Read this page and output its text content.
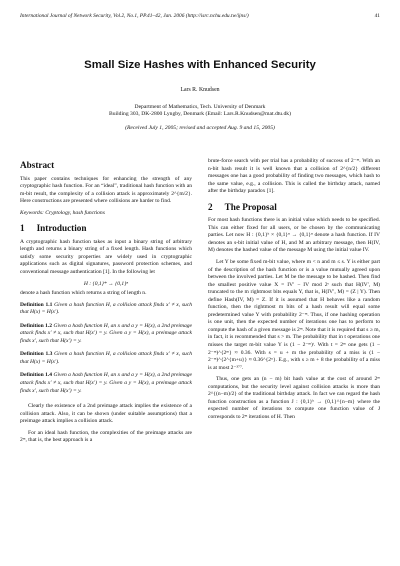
International Journal of Network Security, Vol.2, No.1, PP.41–42, Jan. 2006 (http://isrc.nchu.edu.tw/ijns/)	41
Small Size Hashes with Enhanced Security
Lars R. Knudsen
Department of Mathematics, Tech. University of Denmark
Building 303, DK-2800 Lyngby, Denmark (Email: Lars.R.Knudsen@mat.dtu.dk)
(Received July 1, 2005; revised and accepted Aug. 9 and 15, 2005)
Abstract

This paper contains techniques for enhancing the strength of any cryptographic hash function. For an “ideal”, traditional hash function with an m-bit result, the complexity of a collision attack is approximately 2^{m/2}. Here constructions are presented where collisions are harder to find.

Keywords: Cryptology, hash functions

1 Introduction

A cryptographic hash function takes as input a binary string of arbitrary length and returns a binary string of a fixed length. Hash functions which satisfy some security properties are widely used in cryptographic applications such as digital signatures, password protection schemes, and conventional message authentication [1]. In the following let

H : {0,1}* → {0,1}ⁿ

denote a hash function which returns a string of length n.

Definition 1.1 Given a hash function H, a collision attack finds x′ ≠ x, such that H(x) = H(x′).
Definition 1.2 Given a hash function H, an x and a y = H(x), a 2nd preimage attack finds x′ ≠ x, such that H(x′) = y. Given a y = H(x), a preimage attack finds x′, such that H(x′) = y.
Definition 1.3 Given a hash function H, a collision attack finds x′ ≠ x, such that H(x) = H(x′).
Definition 1.4 Given a hash function H, an x and a y = H(x), a 2nd preimage attack finds x′ ≠ x, such that H(x′) = y. Given a y = H(x), a preimage attack finds x′, such that H(x′) = y.

Clearly the existence of a 2nd preimage attack implies the existence of a collision attack. Also, it can be shown (under suitable assumptions) that a preimage attack implies a collision attack.

For an ideal hash function, the complexities of the preimage attacks are 2ᵐ, that is, the best approach is a

brute-force search with per trial has a probability of success of 2⁻ᵐ. With an n-bit hash result it is well known that a collision of 2^{n/2} different messages one has a good probability of finding two messages, which hash to the same value, e.g., a collision. This is called the birthday attack, named after the birthday paradox [1].

2 The Proposal

For most hash functions there is an initial value which needs to be specified. This can either fixed for all users, or be chosen by the communicating parties. Let now H : {0,1}ᵏ × {0,1}ⁿ → {0,1}ⁿ denote a hash function. If IV denotes an s-bit initial value of H, and M an arbitrary message, then H(IV, M) denotes the hashed value of the message M using the initial value IV.

Let Y be some fixed m-bit value, where m < n and m ≤ s. Y is either part of the description of the hash function or is a value mutually agreed upon between the involved parties. Let M be the message to be hashed. Then find the smallest positive value X = IV′ − IV mod 2ˢ such that H(IV′, M) truncated to the m rightmost bits equals Y, that is, H(IV′, M) = (Z | Y). Then define Hash(IV, M) = Z. If it is assumed that H behaves like a random function, then the rightmost m bits of a hash result will equal some predetermined value Y with probability 2⁻ᵐ. Thus, if one hashing operation is one unit, then the expected number of iterations one has to perform to compute the hash of a given message is 2ᵐ. Note that it is required that s ≥ m, in fact, it is recommended that s > m. The probability that in t operations one misses the target m-bit value Y is (1 − 2⁻ᵐ)ᵗ. With t = 2ᵐ one gets (1 − 2⁻ᵐ)^{2ᵐ} ≈ 0.36. With s = u + m the probability of a miss is (1 − 2⁻ᵐ)^{2^{m+u}} ≈ 0.36^{2ᵘ}. E.g., with s ≥ m + 8 the probability of a miss is at most 2⁻³⁷⁷.

Thus, one gets an (n − m) bit hash value at the cost of around 2ᵐ computations, but the security level against collision attacks is more than 2^{(n−m)/2} of the traditional birthday attack. In fact we can regard the hash function construction as a function J : {0,1}ᵏ → {0,1}^{n−m} where the expected number of iterations to compute one function value of J corresponds to 2ᵐ iterations of H. Then
